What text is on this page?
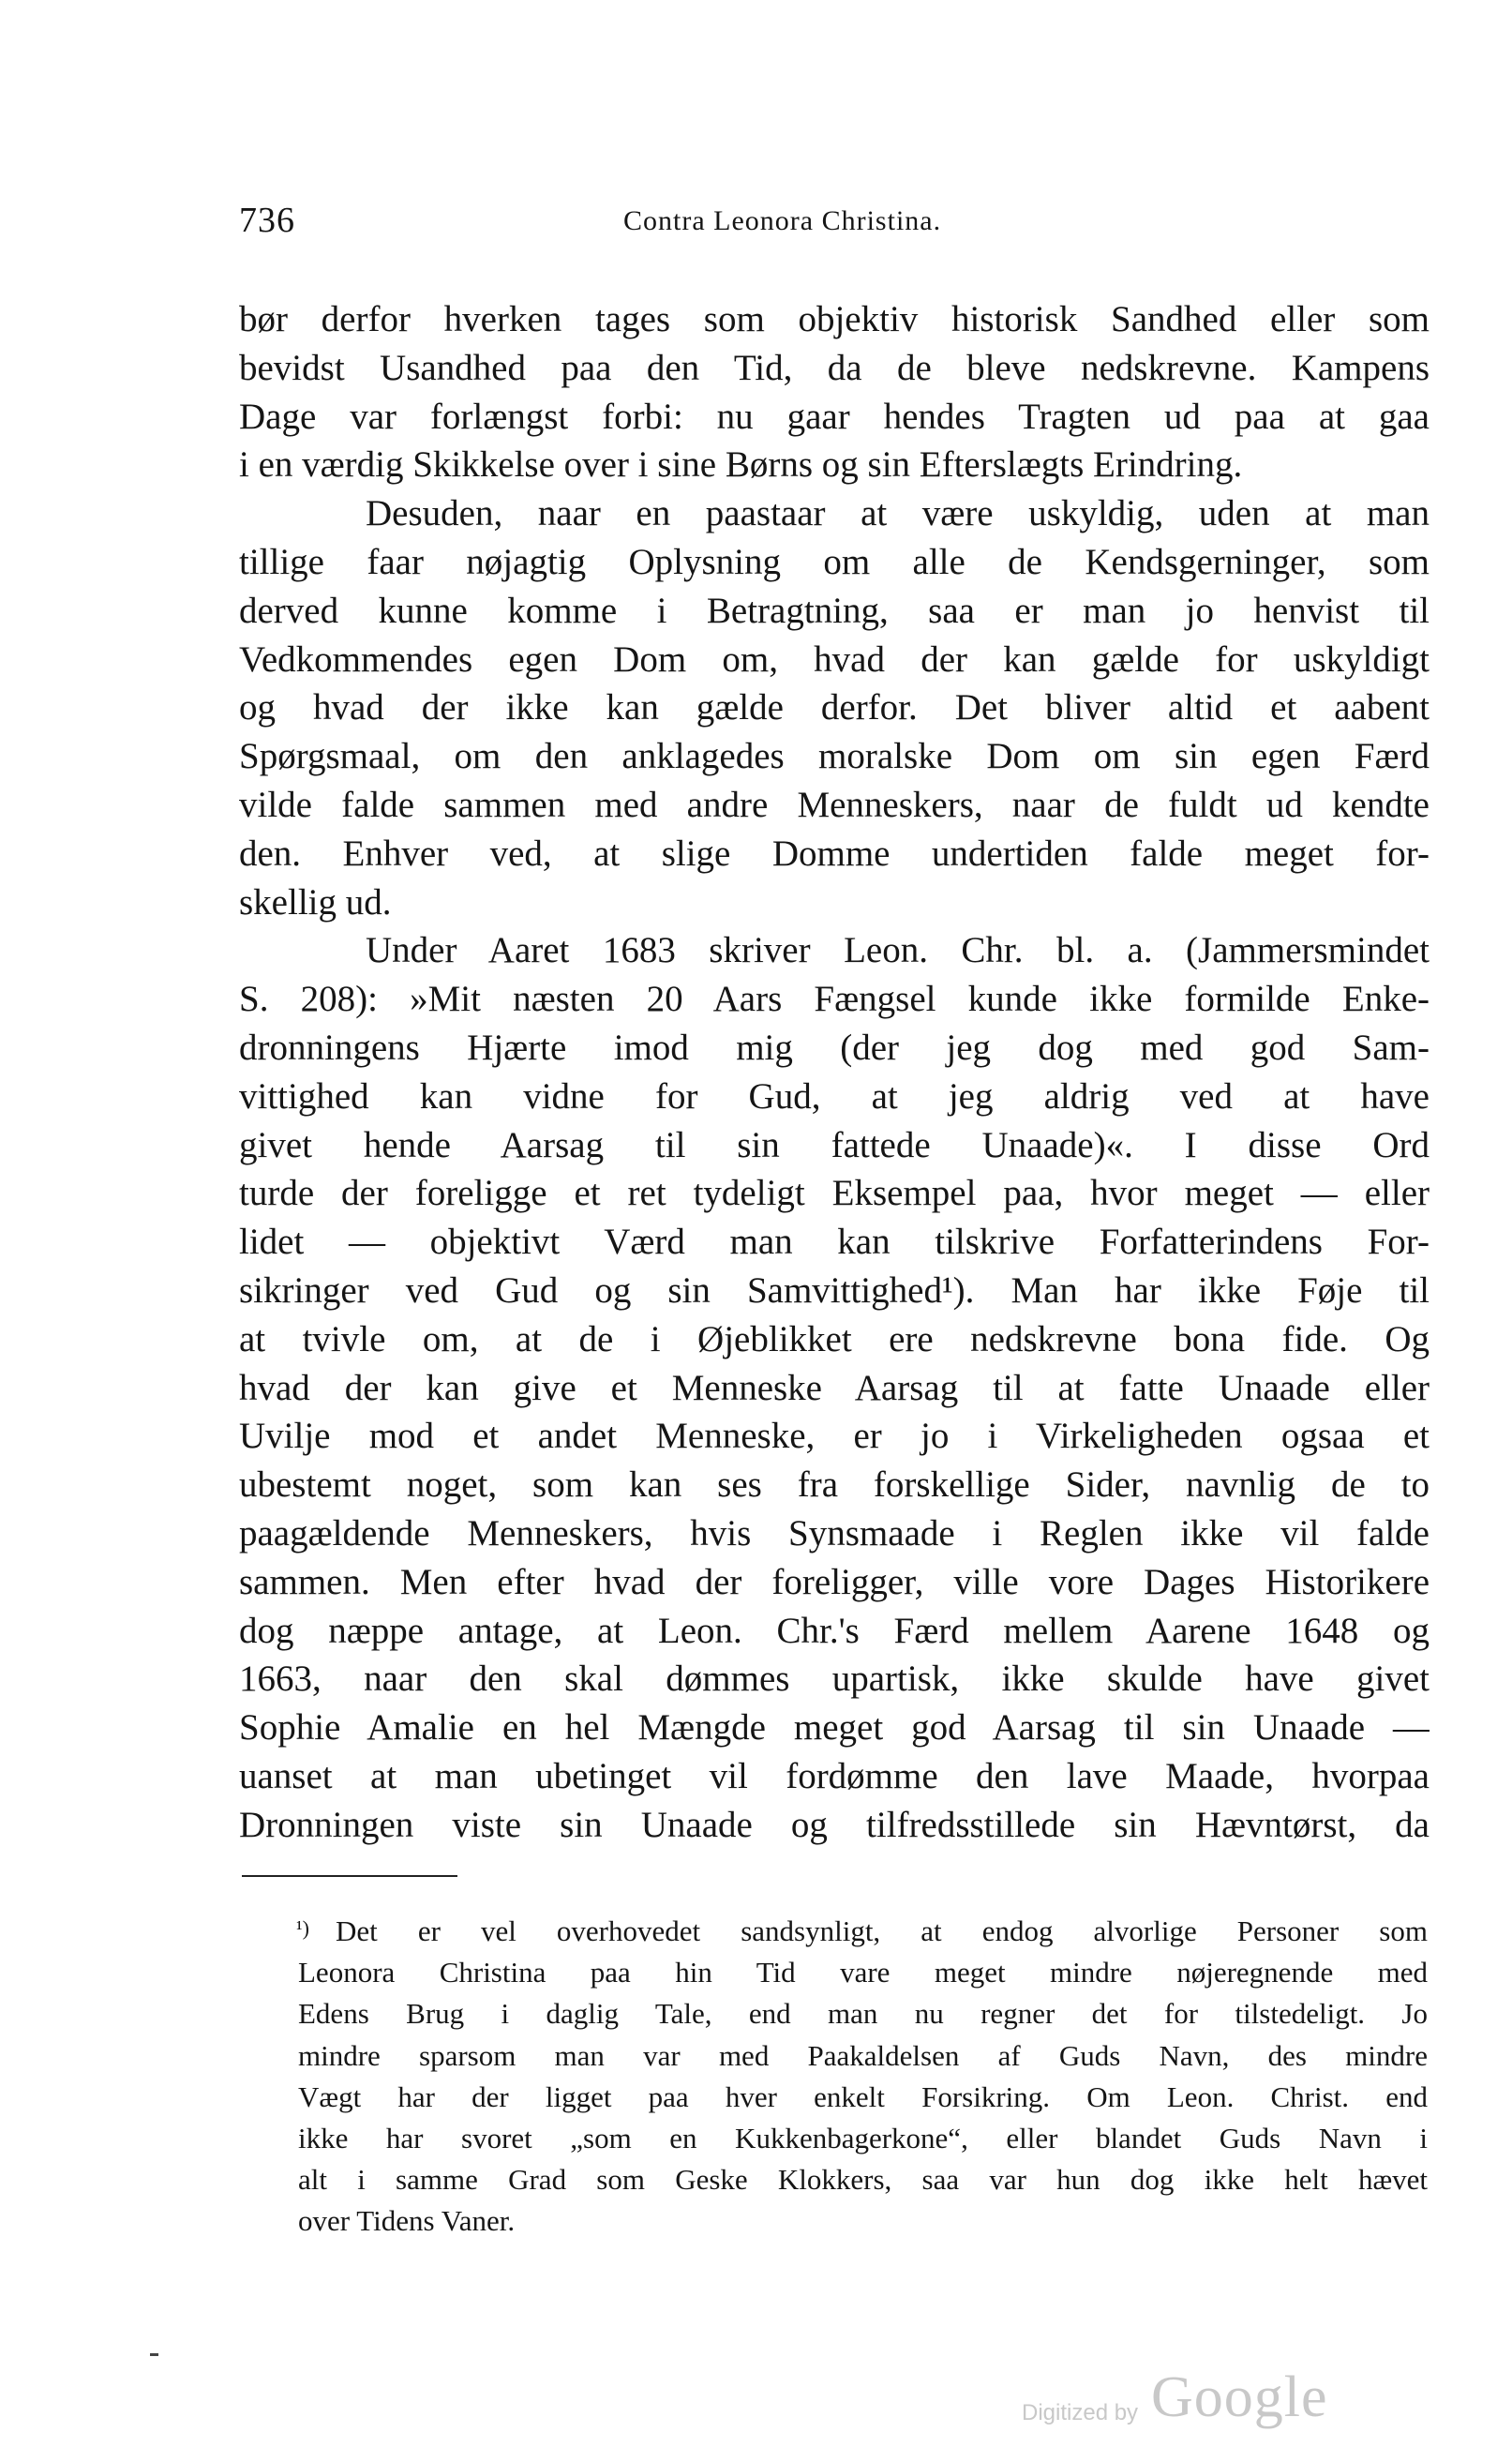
736	Contra Leonora Christina.
bør derfor hverken tages som objektiv historisk Sandhed eller som
bevidst Usandhed paa den Tid, da de bleve nedskrevne. Kampens
Dage var forlængst forbi: nu gaar hendes Tragten ud paa at gaa
i en værdig Skikkelse over i sine Børns og sin Efterslægts Erindring.
Desuden, naar en paastaar at være uskyldig, uden at man
tillige faar nøjagtig Oplysning om alle de Kendsgerninger, som
derved kunne komme i Betragtning, saa er man jo henvist til
Vedkommendes egen Dom om, hvad der kan gælde for uskyldigt
og hvad der ikke kan gælde derfor. Det bliver altid et aabent
Spørgsmaal, om den anklagedes moralske Dom om sin egen Færd
vilde falde sammen med andre Menneskers, naar de fuldt ud kendte
den. Enhver ved, at slige Domme undertiden falde meget for-
skellig ud.
Under Aaret 1683 skriver Leon. Chr. bl. a. (Jammersmindet
S. 208): »Mit næsten 20 Aars Fængsel kunde ikke formilde Enke-
dronningens Hjærte imod mig (der jeg dog med god Sam-
vittighed kan vidne for Gud, at jeg aldrig ved at have
givet hende Aarsag til sin fattede Unaade)«. I disse Ord
turde der foreligge et ret tydeligt Eksempel paa, hvor meget — eller
lidet — objektivt Værd man kan tilskrive Forfatterindens For-
sikringer ved Gud og sin Samvittighed¹). Man har ikke Føje til
at tvivle om, at de i Øjeblikket ere nedskrevne bona fide. Og
hvad der kan give et Menneske Aarsag til at fatte Unaade eller
Uvilje mod et andet Menneske, er jo i Virkeligheden ogsaa et
ubestemt noget, som kan ses fra forskellige Sider, navnlig de to
paagældende Menneskers, hvis Synsmaade i Reglen ikke vil falde
sammen. Men efter hvad der foreligger, ville vore Dages Historikere
dog næppe antage, at Leon. Chr.'s Færd mellem Aarene 1648 og
1663, naar den skal dømmes upartisk, ikke skulde have givet
Sophie Amalie en hel Mængde meget god Aarsag til sin Unaade —
uanset at man ubetinget vil fordømme den lave Maade, hvorpaa
Dronningen viste sin Unaade og tilfredsstillede sin Hævntørst, da
¹) Det er vel overhovedet sandsynligt, at endog alvorlige Personer som
Leonora Christina paa hin Tid vare meget mindre nøjeregnende med
Edens Brug i daglig Tale, end man nu regner det for tilstedeligt. Jo
mindre sparsom man var med Paakaldelsen af Guds Navn, des mindre
Vægt har der ligget paa hver enkelt Forsikring. Om Leon. Christ. end
ikke har svoret „som en Kukkenbagerkone“, eller blandet Guds Navn i
alt i samme Grad som Geske Klokkers, saa var hun dog ikke helt hævet
over Tidens Vaner.
Digitized by Google
